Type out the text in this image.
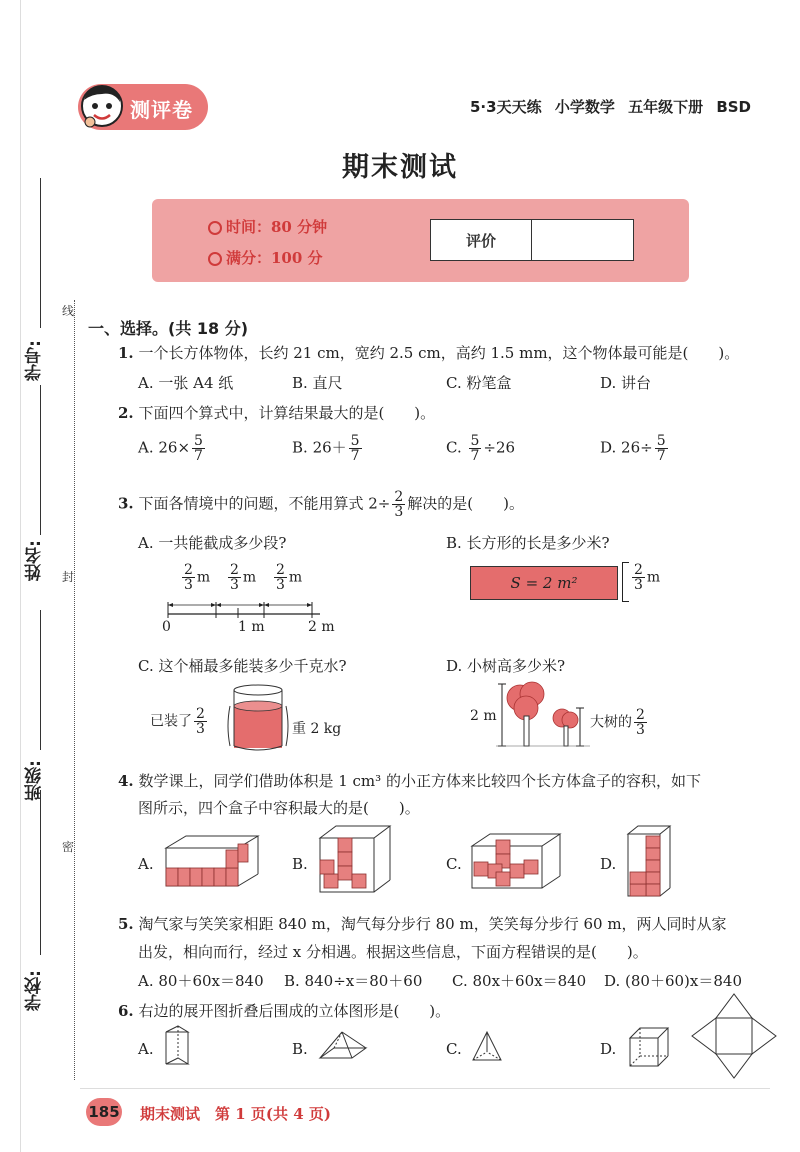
学号:
线
姓名:	封
班级:
密
学校:
测评卷	5·3天天练 小学数学 五年级下册 BSD
期末测试
时间：80 分钟
满分：100 分
评价
一、选择。(共 18 分)
1. 一个长方体物体，长约 21 cm，宽约 2.5 cm，高约 1.5 mm，这个物体最可能是(　　)。
A. 一张 A4 纸	B. 直尺	C. 粉笔盒	D. 讲台
2. 下面四个算式中，计算结果最大的是(　　)。
A. $26\times \frac{5}{7}$	B. $26+ \frac{5}{7}$	C. $\frac{5}{7} \div 26$	D. $26\div \frac{5}{7}$
3. 下面各情境中的问题，不能用算式 $2\div \frac{2}{3}$ 解决的是(　　)。
A. 一共能截成多少段?	B. 长方形的长是多少米?
$\frac{2}{3}$ m $\frac{2}{3}$ m $\frac{2}{3}$ m
0	1 m	2 m
S = 2 m²	$\frac{2}{3}$ m
C. 这个桶最多能装多少千克水?	D. 小树高多少米?
已装了 $\frac{2}{3}$	重 2 kg
2 m	大树的 $\frac{2}{3}$
4. 数学课上，同学们借助体积是 1 cm³ 的小正方体来比较四个长方体盒子的容积，如下
图所示，四个盒子中容积最大的是(　　)。
A.	B.	C.	D.
5. 淘气家与笑笑家相距 840 m，淘气每分步行 80 m，笑笑每分步行 60 m，两人同时从家
出发，相向而行，经过 x 分相遇。根据这些信息，下面方程错误的是(　　)。
A. 80＋60x＝840 B. 840÷x＝80＋60 C. 80x＋60x＝840 D. (80＋60)x＝840
6. 右边的展开图折叠后围成的立体图形是(　　)。
A.	B.	C.	D.
185 期末测试　第 1 页(共 4 页)
